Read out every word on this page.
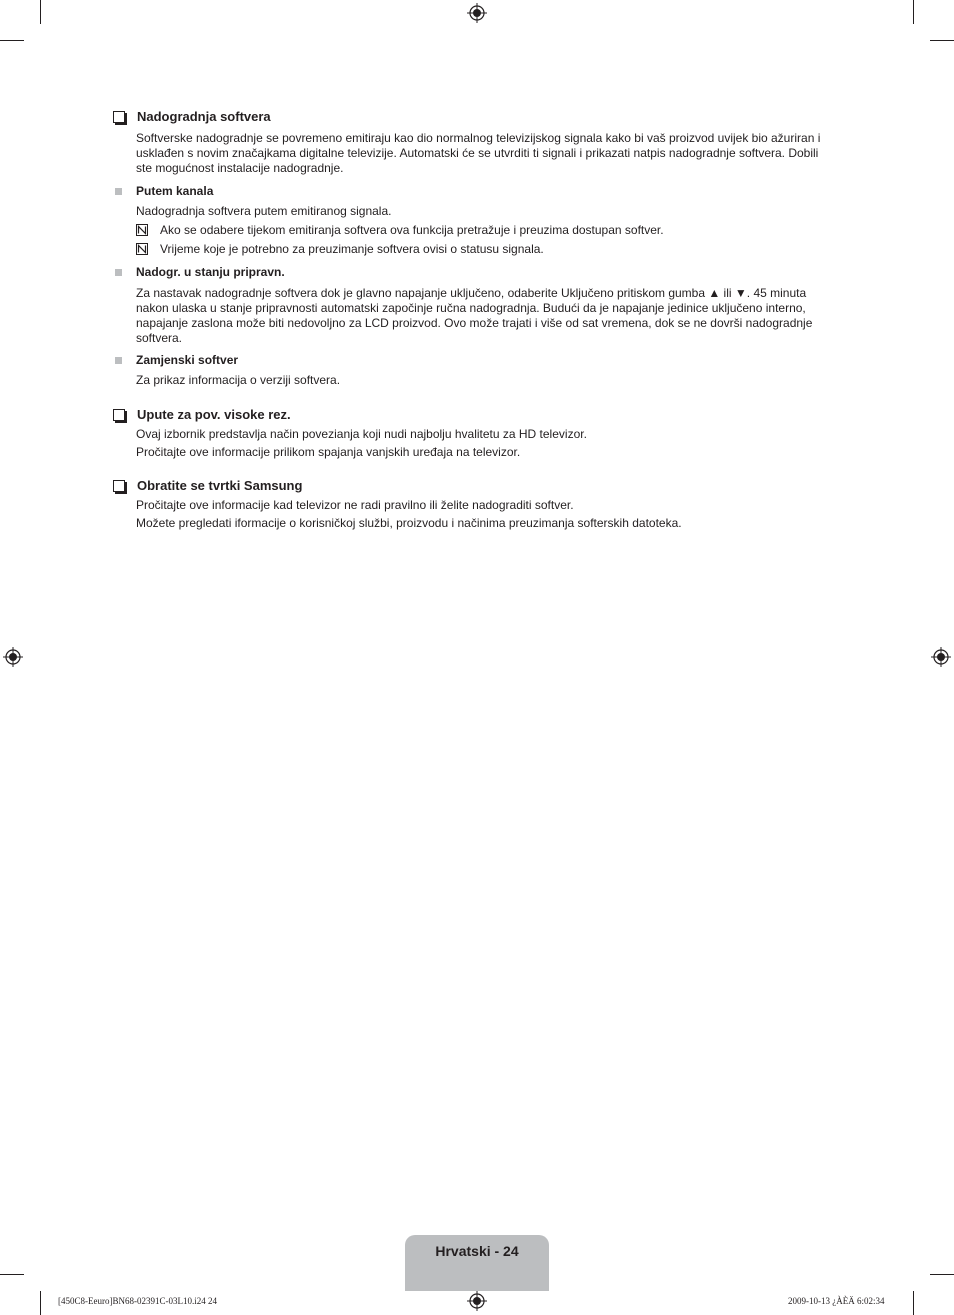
Nadogradnja softvera
Softverske nadogradnje se povremeno emitiraju kao dio normalnog televizijskog signala kako bi vaš proizvod uvijek bio ažuriran i usklađen s novim značajkama digitalne televizije. Automatski će se utvrditi ti signali i prikazati natpis nadogradnje softvera. Dobili ste mogućnost instalacije nadogradnje.
Putem kanala
Nadogradnja softvera putem emitiranog signala.
Ako se odabere tijekom emitiranja softvera ova funkcija pretražuje i preuzima dostupan softver.
Vrijeme koje je potrebno za preuzimanje softvera ovisi o statusu signala.
Nadogr. u stanju pripravn.
Za nastavak nadogradnje softvera dok je glavno napajanje uključeno, odaberite Uključeno pritiskom gumba ▲ ili ▼. 45 minuta nakon ulaska u stanje pripravnosti automatski započinje ručna nadogradnja. Budući da je napajanje jedinice uključeno interno, napajanje zaslona može biti nedovoljno za LCD proizvod. Ovo može trajati i više od sat vremena, dok se ne dovrši nadogradnje softvera.
Zamjenski softver
Za prikaz informacija o verziji softvera.
Upute za pov. visoke rez.
Ovaj izbornik predstavlja način povezianja koji nudi najbolju hvalitetu za HD televizor.
Pročitajte ove informacije prilikom spajanja vanjskih uređaja na televizor.
Obratite se tvrtki Samsung
Pročitajte ove informacije kad televizor ne radi pravilno ili želite nadograditi softver.
Možete pregledati iformacije o korisničkoj službi, proizvodu i načinima preuzimanja softerskih datoteka.
Hrvatski - 24
[450C8-Eeuro]BN68-02391C-03L10.i24 24	2009-10-13 ¿ÀÈÄ 6:02:34
